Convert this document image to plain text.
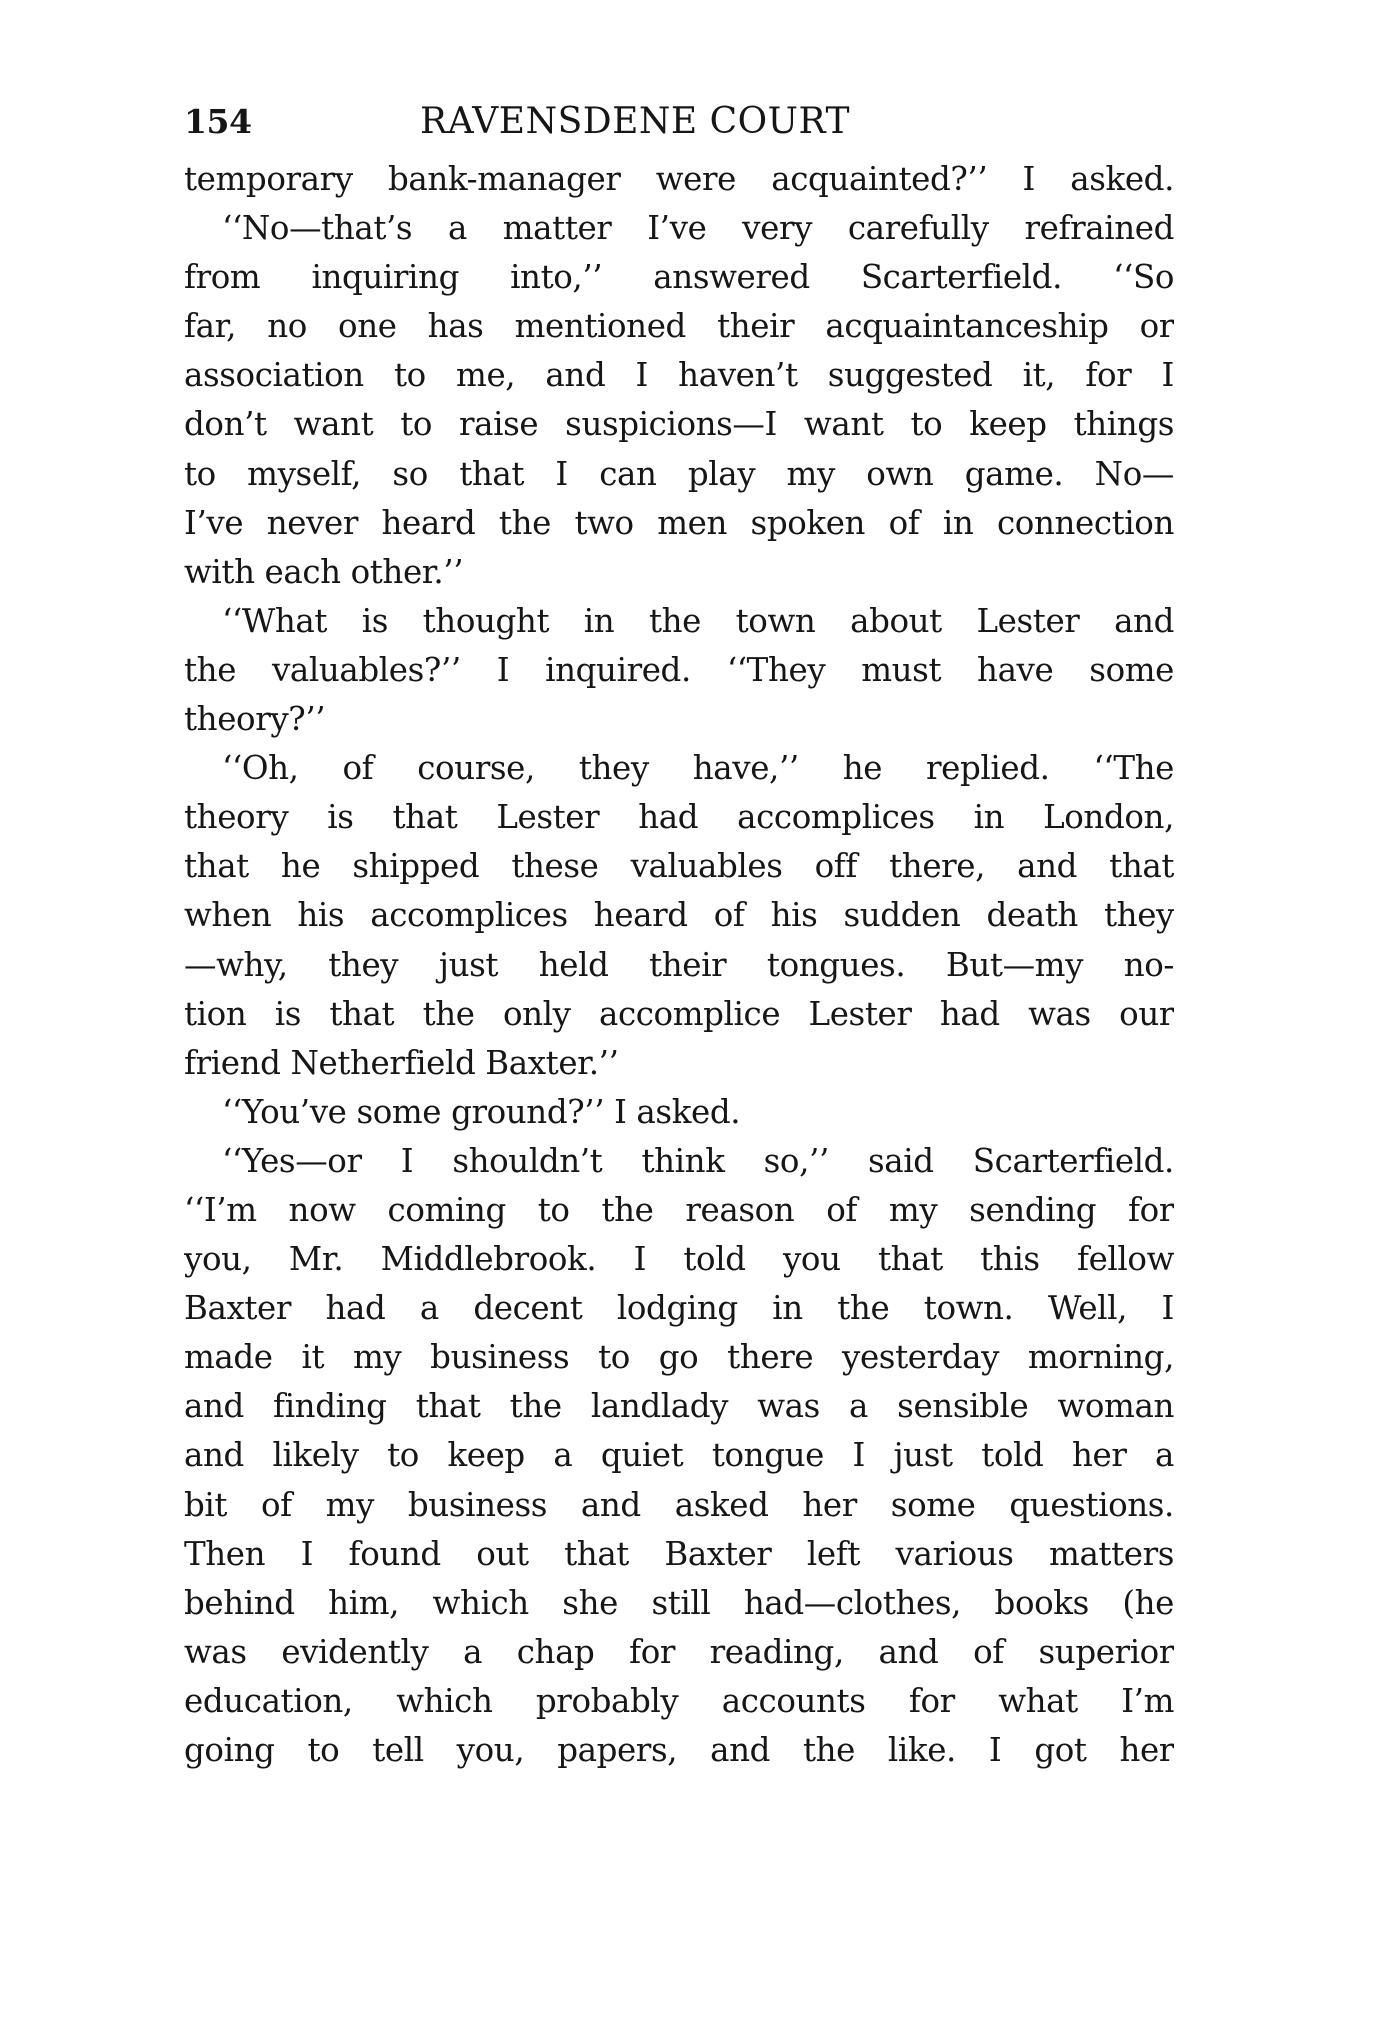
154	RAVENSDENE COURT
temporary bank-manager were acquainted?’’ I asked.
‘‘No—that’s a matter I’ve very carefully refrained
from inquiring into,’’ answered Scarterfield. ‘‘So
far, no one has mentioned their acquaintanceship or
association to me, and I haven’t suggested it, for I
don’t want to raise suspicions—I want to keep things
to myself, so that I can play my own game. No—
I’ve never heard the two men spoken of in connection
with each other.’’
‘‘What is thought in the town about Lester and
the valuables?’’ I inquired. ‘‘They must have some
theory?’’
‘‘Oh, of course, they have,’’ he replied. ‘‘The
theory is that Lester had accomplices in London,
that he shipped these valuables off there, and that
when his accomplices heard of his sudden death they
—why, they just held their tongues. But—my no-
tion is that the only accomplice Lester had was our
friend Netherfield Baxter.’’
‘‘You’ve some ground?’’ I asked.
‘‘Yes—or I shouldn’t think so,’’ said Scarterfield.
‘‘I’m now coming to the reason of my sending for
you, Mr. Middlebrook. I told you that this fellow
Baxter had a decent lodging in the town. Well, I
made it my business to go there yesterday morning,
and finding that the landlady was a sensible woman
and likely to keep a quiet tongue I just told her a
bit of my business and asked her some questions.
Then I found out that Baxter left various matters
behind him, which she still had—clothes, books (he
was evidently a chap for reading, and of superior
education, which probably accounts for what I’m
going to tell you, papers, and the like. I got her
